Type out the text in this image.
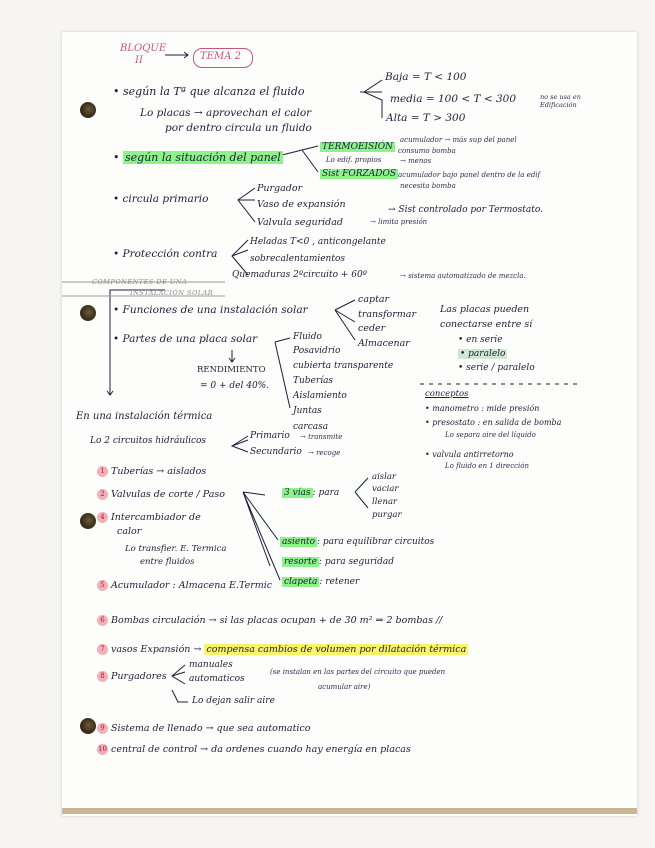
BLOQUE
II	TEMA 2
• según la Tª que alcanza el fluido
Baja = T < 100
media = 100 < T < 300
Alta = T > 300
no se usa en Edificación
Lo placas → aprovechan el calor
por dentro circula un fluido
• según la situación del panel
acumulador → más sup del panel
TERMOEISIÓN consumo bomba
Lo edif. propios	→ menos
Sist FORZADOS acumulador bajo panel dentro de la edif
necesita bomba
• circula primario
Purgador
Vaso de expansión
Valvula seguridad	→ limita presión
→ Sist controlado por Termostato.
• Protección contra
Heladas T<0 , anticongelante
sobrecalentamientos
Quemaduras 2ºcircuito + 60º	→ sistema automatizado de mezcla.
COMPONENTES DE UNA
INSTALACIÓN SOLAR
• Funciones de una instalación solar
captar
transformar
ceder
Almacenar
Las placas pueden
conectarse entre sí
• en serie
• paralelo
• serie / paralelo
• Partes de una placa solar
RENDIMIENTO
= 0 + del 40%.
Fluido
Posavidrio
cubierta transparente
Tuberías
Aislamiento
Juntas
carcasa
conceptos
• manometro : mide presión
• presostato : en salida de bomba
Lo separa aire del líquido
• valvula antirretorno
Lo fluido en 1 dirección
En una instalación térmica
Lo 2 circuitos hidráulicos	Primario → transmite
Secundario → recoge
1 Tuberías → aislados
2 Valvulas de corte / Paso
4 Intercambiador de
calor
Lo transfier. E. Termica
entre fluidos
5 Acumulador : Almacena E.Termic
3 vías : para
aislar
vaciar
llenar
purgar
asiento : para equilibrar circuitos
resorte : para seguridad
clapeta : retener
6 Bombas circulación → si las placas ocupan + de 30 m² ⇒ 2 bombas //
7 vasos Expansión → compensa cambios de volumen por dilatación térmica
8 Purgadores
manuales
automaticos
(se instalan en las partes del circuito que pueden
acumular aire)
Lo dejan salir aire
9 Sistema de llenado → que sea automatico
10 central de control → da ordenes cuando hay energía en placas
